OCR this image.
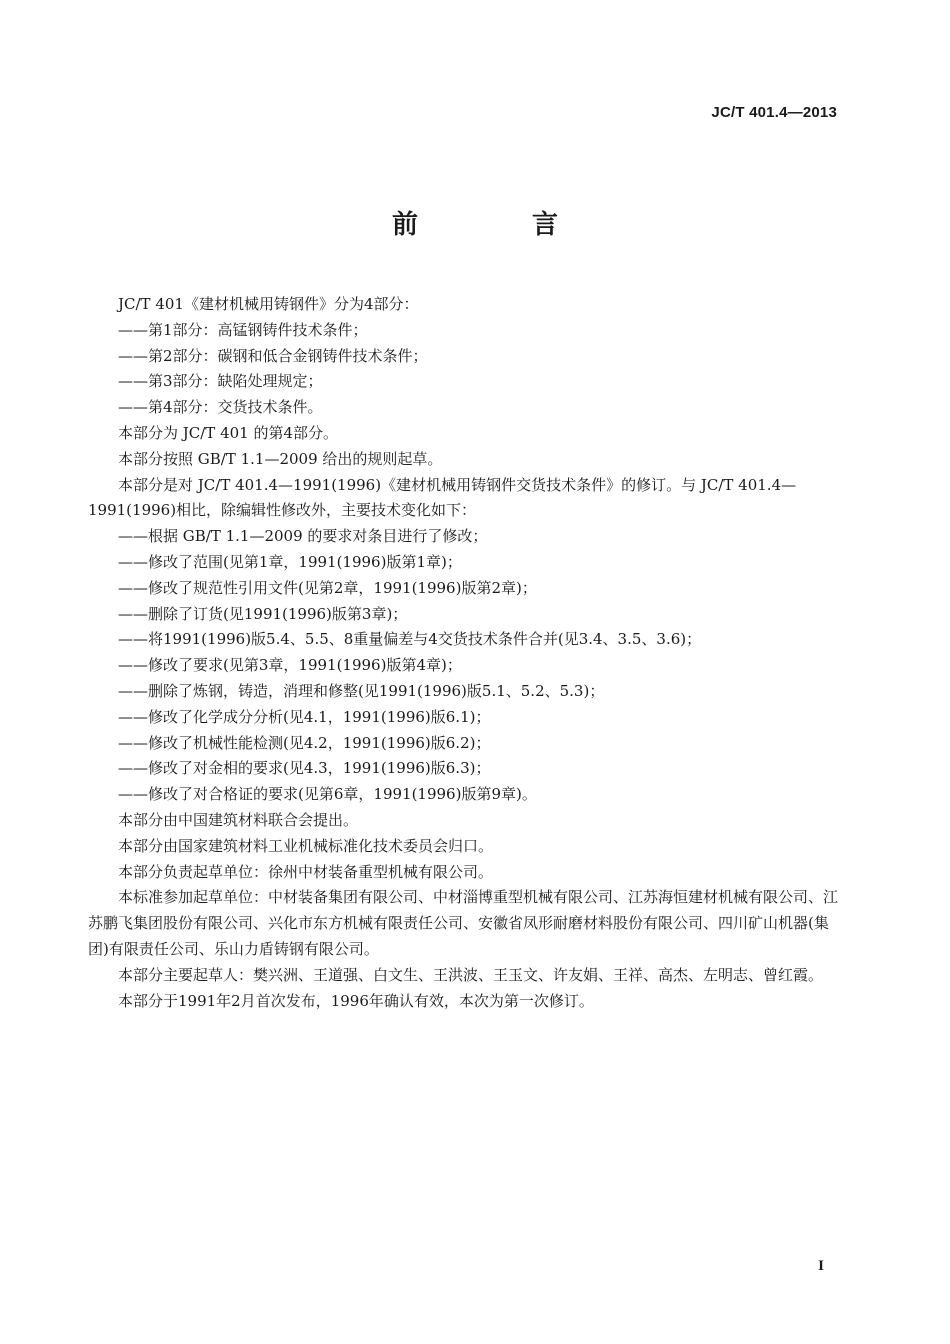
JC/T 401.4—2013
前　言

JC/T 401《建材机械用铸钢件》分为4部分：

——第1部分：高锰钢铸件技术条件；

——第2部分：碳钢和低合金钢铸件技术条件；

——第3部分：缺陷处理规定；

——第4部分：交货技术条件。

本部分为 JC/T 401 的第4部分。

本部分按照 GB/T 1.1—2009 给出的规则起草。

本部分是对 JC/T 401.4—1991(1996)《建材机械用铸钢件交货技术条件》的修订。与 JC/T 401.4—1991(1996)相比，除编辑性修改外，主要技术变化如下：

——根据 GB/T 1.1—2009 的要求对条目进行了修改；

——修改了范围(见第1章，1991(1996)版第1章)；

——修改了规范性引用文件(见第2章，1991(1996)版第2章)；

——删除了订货(见1991(1996)版第3章)；

——将1991(1996)版5.4、5.5、8重量偏差与4交货技术条件合并(见3.4、3.5、3.6)；

——修改了要求(见第3章，1991(1996)版第4章)；

——删除了炼钢，铸造，消理和修整(见1991(1996)版5.1、5.2、5.3)；

——修改了化学成分分析(见4.1，1991(1996)版6.1)；

——修改了机械性能检测(见4.2，1991(1996)版6.2)；

——修改了对金相的要求(见4.3，1991(1996)版6.3)；

——修改了对合格证的要求(见第6章，1991(1996)版第9章)。

本部分由中国建筑材料联合会提出。

本部分由国家建筑材料工业机械标准化技术委员会归口。

本部分负责起草单位：徐州中材装备重型机械有限公司。

本标准参加起草单位：中材装备集团有限公司、中材淄博重型机械有限公司、江苏海恒建材机械有限公司、江苏鹏飞集团股份有限公司、兴化市东方机械有限责任公司、安徽省凤形耐磨材料股份有限公司、四川矿山机器(集团)有限责任公司、乐山力盾铸钢有限公司。

本部分主要起草人：樊兴洲、王道强、白文生、王洪波、王玉文、许友娟、王祥、高杰、左明志、曾红霞。

本部分于1991年2月首次发布，1996年确认有效，本次为第一次修订。

I
